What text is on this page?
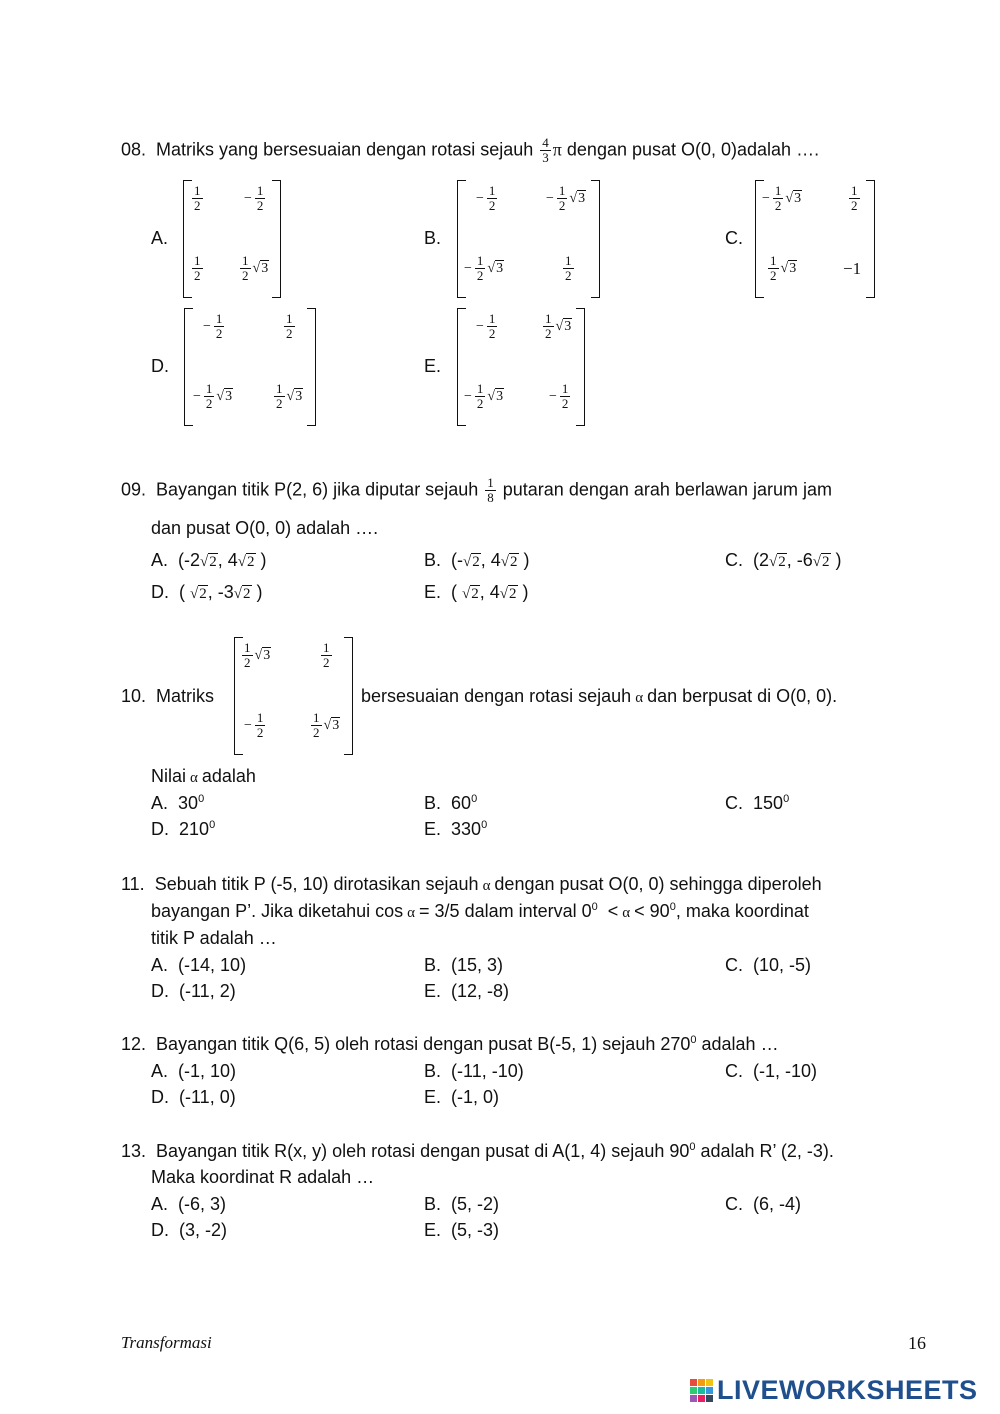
08. Matriks yang bersesuaian dengan rotasi sejauh $\frac{4}{3}$ π dengan pusat O(0, 0)adalah ….
A.
$\frac{1}{2}$	− $\frac{1}{2}$
$\frac{1}{2}$	$\frac{1}{2} √3$
B.
− $\frac{1}{2}$	− $\frac{1}{2} √3$
− $\frac{1}{2} √3$	$\frac{1}{2}$
C.
− $\frac{1}{2} √3$	$\frac{1}{2}$
$\frac{1}{2} √3$	−1
D.
− $\frac{1}{2}$	$\frac{1}{2}$
− $\frac{1}{2} √3$	$\frac{1}{2} √3$
E.
− $\frac{1}{2}$	$\frac{1}{2} √3$
− $\frac{1}{2} √3$	− $\frac{1}{2}$
09. Bayangan titik P(2, 6) jika diputar sejauh $\frac{1}{8}$ putaran dengan arah berlawan jarum jam
dan pusat O(0, 0) adalah ….
A. (-2√2, 4√2 )	B. (-√2, 4√2 )	C. (2√2, -6√2 )
D. ( √2, -3√2 )	E. ( √2, 4√2 )
10. Matriks
$\frac{1}{2} √3$	$\frac{1}{2}$
− $\frac{1}{2}$	$\frac{1}{2} √3$
bersesuaian dengan rotasi sejauh α dan berpusat di O(0, 0).
Nilai α adalah
A. $30^0$	B. $60^0$	C. $150^0$
D. $210^0$	E. $330^0$
11. Sebuah titik P (-5, 10) dirotasikan sejauh α dengan pusat O(0, 0) sehingga diperoleh
bayangan P’. Jika diketahui cos α = 3/5 dalam interval $0^0 < \alpha < 90^0$, maka koordinat
titik P adalah …
A. (-14, 10)	B. (15, 3)	C. (10, -5)
D. (-11, 2)	E. (12, -8)
12. Bayangan titik Q(6, 5) oleh rotasi dengan pusat B(-5, 1) sejauh $270^0$ adalah …
A. (-1, 10)	B. (-11, -10)	C. (-1, -10)
D. (-11, 0)	E. (-1, 0)
13. Bayangan titik R(x, y) oleh rotasi dengan pusat di A(1, 4) sejauh $90^0$ adalah R’ (2, -3).
Maka koordinat R adalah …
A. (-6, 3)	B. (5, -2)	C. (6, -4)
D. (3, -2)	E. (5, -3)
Transformasi	16
LIVEWORKSHEETS
